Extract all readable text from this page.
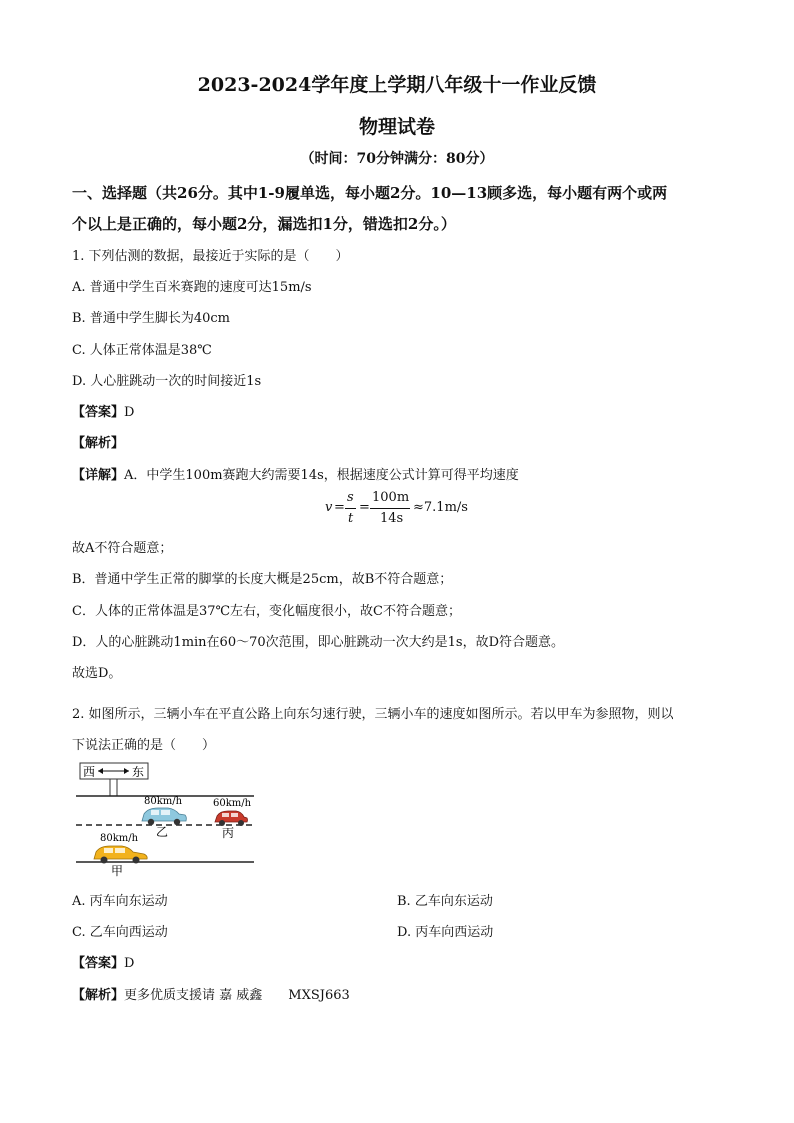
2023-2024学年度上学期八年级十一作业反馈
物理试卷
（时间：70分钟满分：80分）
一、选择题（共26分。其中1-9履单选，每小题2分。10—13顾多选，每小题有两个或两
个以上是正确的，每小题2分，漏选扣1分，错选扣2分。）
1. 下列估测的数据，最接近于实际的是（　　）
A. 普通中学生百米赛跑的速度可达15m/s
B. 普通中学生脚长为40cm
C. 人体正常体温是38℃
D. 人心脏跳动一次的时间接近1s
【答案】D
【解析】
【详解】A．中学生100m赛跑大约需要14s，根据速度公式计算可得平均速度
v =
s
t
=
100m
14s
≈7.1m/s
故A不符合题意；
B．普通中学生正常的脚掌的长度大概是25cm，故B不符合题意；
C．人体的正常体温是37℃左右，变化幅度很小，故C不符合题意；
D．人的心脏跳动1min在60～70次范围，即心脏跳动一次大约是1s，故D符合题意。
故选D。
2. 如图所示，三辆小车在平直公路上向东匀速行驶，三辆小车的速度如图所示。若以甲车为参照物，则以
下说法正确的是（　　）
西	东
80km/h
乙
60km/h
丙
80km/h
甲
A. 丙车向东运动	B. 乙车向东运动
C. 乙车向西运动	D. 丙车向西运动
【答案】D
【解析】更多优质支援请 嘉 威鑫　　MXSJ663
